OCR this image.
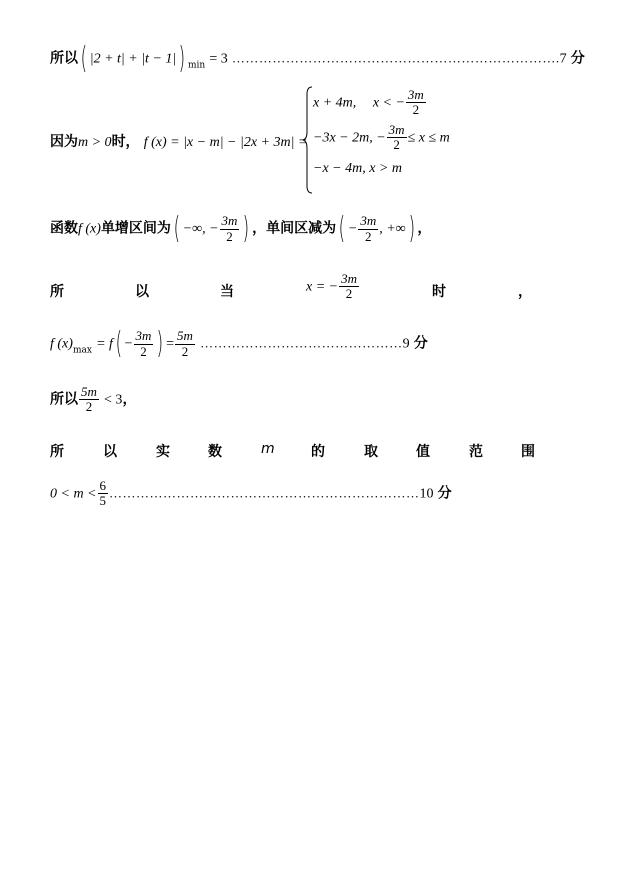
所以( |2 + t| + |t − 1|) $_{min}$ = 3 ……………………………………………………………….7 分
因为m > 0时， f (x) = |x − m| − |2x + 3m| =
x + 4m, x < − $\frac{3m}{2}$
−3x − 2m, − $\frac{3m}{2} \le x \le m$
−x − 4m, x > m
函数f (x)单增区间为( −∞, − $\frac{3m}{2}$ ) ，单间区减为( − $\frac{3m}{2}$ , +∞) ，
所	以	当	x = − $\frac{3m}{2}$	时	，
f $(x)_{max} = f( - \frac{3m}{2}$ ) = $\frac{5m}{2}$ ………………………………………9 分
所以 $\frac{5m}{2} < 3$，
所	以	实	数	m	的	取	值	范	围
$0 < m < \frac{6}{5}$ ……………………………………………………………10 分
